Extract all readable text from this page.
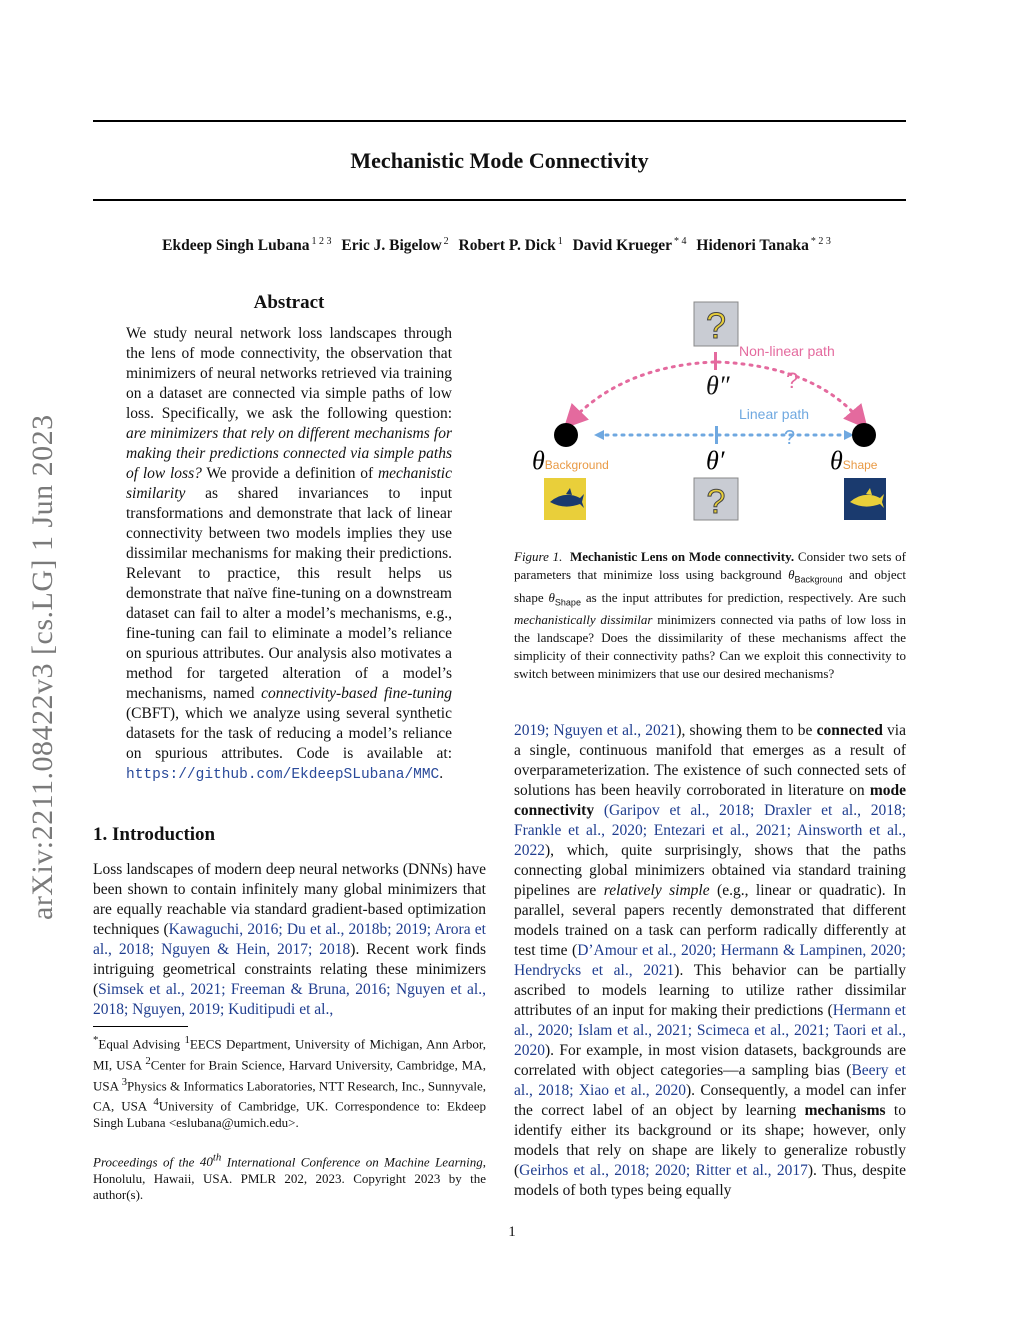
arXiv:2211.08422v3 [cs.LG] 1 Jun 2023
Mechanistic Mode Connectivity
Ekdeep Singh Lubana $^{1 2 3}$ Eric J. Bigelow $^2$ Robert P. Dick $^1$ David Krueger $^{* 4}$ Hidenori Tanaka $^{* 2 3}$
Abstract
We study neural network loss landscapes through the lens of mode connectivity, the observation that minimizers of neural networks retrieved via training on a dataset are connected via simple paths of low loss. Specifically, we ask the following question: are minimizers that rely on different mechanisms for making their predictions connected via simple paths of low loss? We provide a definition of mechanistic similarity as shared invariances to input transformations and demonstrate that lack of linear connectivity between two models implies they use dissimilar mechanisms for making their predictions. Relevant to practice, this result helps us demonstrate that naïve fine-tuning on a downstream dataset can fail to alter a model’s mechanisms, e.g., fine-tuning can fail to eliminate a model’s reliance on spurious attributes. Our analysis also motivates a method for targeted alteration of a model’s mechanisms, named connectivity-based fine-tuning (CBFT), which we analyze using several synthetic datasets for the task of reducing a model’s reliance on spurious attributes. Code is available at: https://github.com/EkdeepSLubana/MMC.
1. Introduction
Loss landscapes of modern deep neural networks (DNNs) have been shown to contain infinitely many global minimizers that are equally reachable via standard gradient-based optimization techniques (Kawaguchi, 2016; Du et al., 2018b; 2019; Arora et al., 2018; Nguyen & Hein, 2017; 2018). Recent work finds intriguing geometrical constraints relating these minimizers (Simsek et al., 2021; Freeman & Bruna, 2016; Nguyen et al., 2018; Nguyen, 2019; Kuditipudi et al.,
*Equal Advising $^1$EECS Department, University of Michigan, Ann Arbor, MI, USA $^2$Center for Brain Science, Harvard University, Cambridge, MA, USA $^3$Physics & Informatics Laboratories, NTT Research, Inc., Sunnyvale, CA, USA $^4$University of Cambridge, UK. Correspondence to: Ekdeep Singh Lubana <eslubana@umich.edu>.
Proceedings of the 40th International Conference on Machine Learning, Honolulu, Hawaii, USA. PMLR 202, 2023. Copyright 2023 by the author(s).
?
Non-linear path
?
θ″
Linear path
?
θBackground	θ′	θShape
?
Figure 1. Mechanistic Lens on Mode connectivity. Consider two sets of parameters that minimize loss using background $\theta_{Background}$ and object shape $\theta_{Shape}$ as the input attributes for prediction, respectively. Are such mechanistically dissimilar minimizers connected via paths of low loss in the landscape? Does the dissimilarity of these mechanisms affect the simplicity of their connectivity paths? Can we exploit this connectivity to switch between minimizers that use our desired mechanisms?
2019; Nguyen et al., 2021), showing them to be connected via a single, continuous manifold that emerges as a result of overparameterization. The existence of such connected sets of solutions has been heavily corroborated in literature on mode connectivity (Garipov et al., 2018; Draxler et al., 2018; Frankle et al., 2020; Entezari et al., 2021; Ainsworth et al., 2022), which, quite surprisingly, shows that the paths connecting global minimizers obtained via standard training pipelines are relatively simple (e.g., linear or quadratic). In parallel, several papers recently demonstrated that different models trained on a task can perform radically differently at test time (D’Amour et al., 2020; Hermann & Lampinen, 2020; Hendrycks et al., 2021). This behavior can be partially ascribed to models learning to utilize rather dissimilar attributes of an input for making their predictions (Hermann et al., 2020; Islam et al., 2021; Scimeca et al., 2021; Taori et al., 2020). For example, in most vision datasets, backgrounds are correlated with object categories—a sampling bias (Beery et al., 2018; Xiao et al., 2020). Consequently, a model can infer the correct label of an object by learning mechanisms to identify either its background or its shape; however, only models that rely on shape are likely to generalize robustly (Geirhos et al., 2018; 2020; Ritter et al., 2017). Thus, despite models of both types being equally
1
